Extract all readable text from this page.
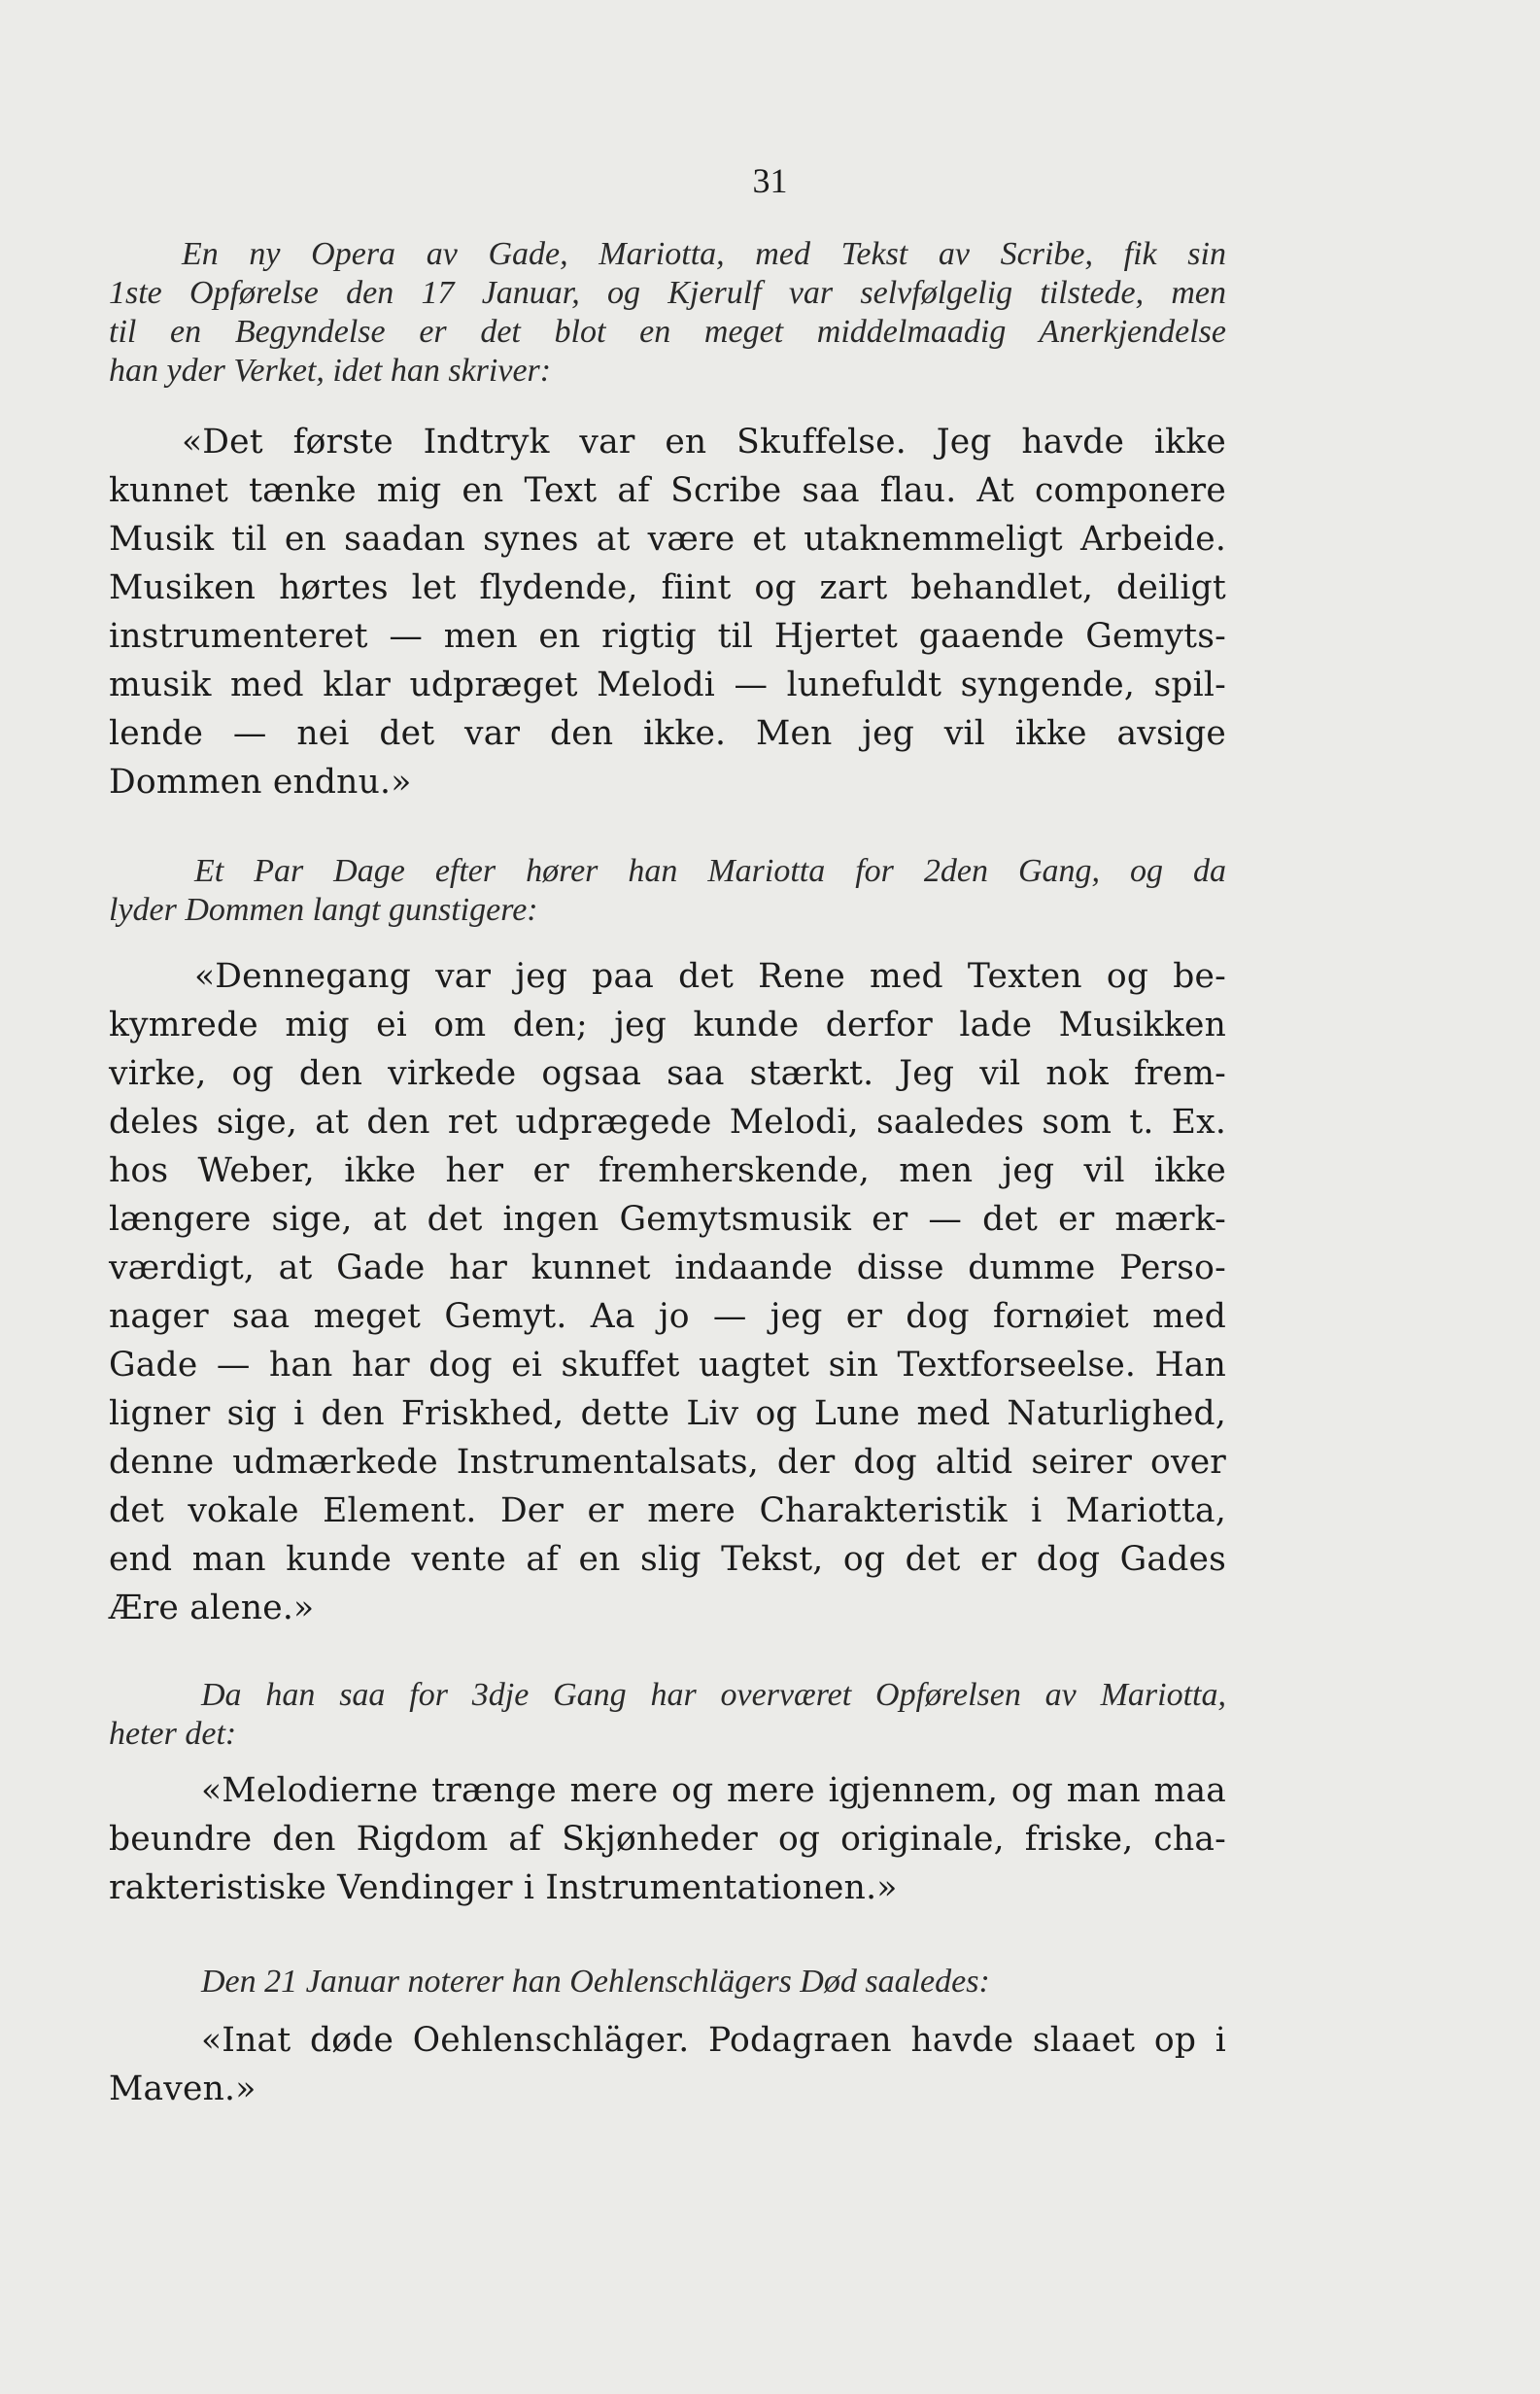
31
En ny Opera av Gade, Mariotta, med Tekst av Scribe, fik sin
1ste Opførelse den 17 Januar, og Kjerulf var selvfølgelig tilstede, men
til en Begyndelse er det blot en meget middelmaadig Anerkjendelse
han yder Verket, idet han skriver:
«Det første Indtryk var en Skuffelse. Jeg havde ikke
kunnet tænke mig en Text af Scribe saa flau. At componere
Musik til en saadan synes at være et utaknemmeligt Arbeide.
Musiken hørtes let flydende, fiint og zart behandlet, deiligt
instrumenteret — men en rigtig til Hjertet gaaende Gemyts-
musik med klar udpræget Melodi — lunefuldt syngende, spil-
lende — nei det var den ikke. Men jeg vil ikke avsige
Dommen endnu.»
Et Par Dage efter hører han Mariotta for 2den Gang, og da
lyder Dommen langt gunstigere:
«Dennegang var jeg paa det Rene med Texten og be-
kymrede mig ei om den; jeg kunde derfor lade Musikken
virke, og den virkede ogsaa saa stærkt. Jeg vil nok frem-
deles sige, at den ret udprægede Melodi, saaledes som t. Ex.
hos Weber, ikke her er fremherskende, men jeg vil ikke
længere sige, at det ingen Gemytsmusik er — det er mærk-
værdigt, at Gade har kunnet indaande disse dumme Perso-
nager saa meget Gemyt. Aa jo — jeg er dog fornøiet med
Gade — han har dog ei skuffet uagtet sin Textforseelse. Han
ligner sig i den Friskhed, dette Liv og Lune med Naturlighed,
denne udmærkede Instrumentalsats, der dog altid seirer over
det vokale Element. Der er mere Charakteristik i Mariotta,
end man kunde vente af en slig Tekst, og det er dog Gades
Ære alene.»
Da han saa for 3dje Gang har overværet Opførelsen av Mariotta,
heter det:
«Melodierne trænge mere og mere igjennem, og man maa
beundre den Rigdom af Skjønheder og originale, friske, cha-
rakteristiske Vendinger i Instrumentationen.»
Den 21 Januar noterer han Oehlenschlägers Død saaledes:
«Inat døde Oehlenschläger. Podagraen havde slaaet op i
Maven.»
